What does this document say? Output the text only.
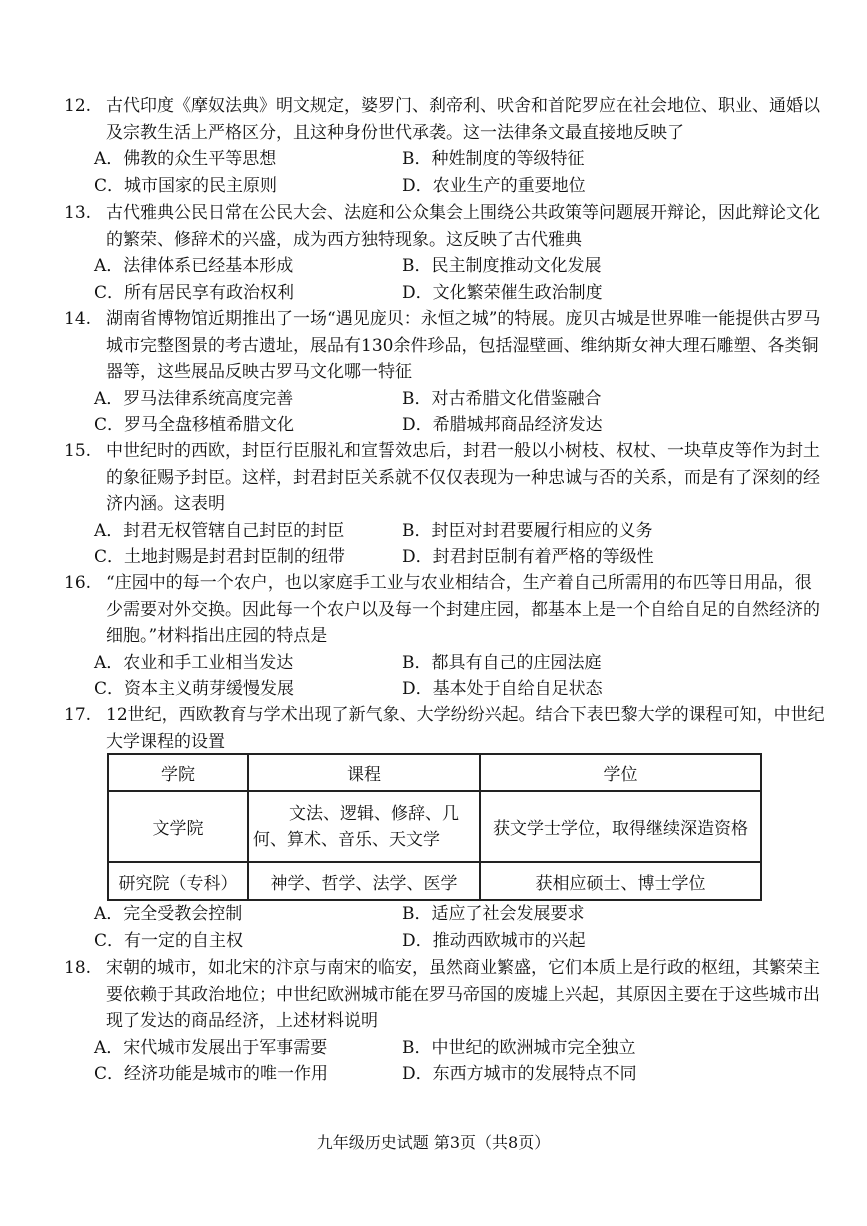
12. 古代印度《摩奴法典》明文规定，婆罗门、刹帝利、吠舍和首陀罗应在社会地位、职业、通婚以及宗教生活上严格区分，且这种身份世代承袭。这一法律条文最直接地反映了
A．佛教的众生平等思想	B．种姓制度的等级特征
C．城市国家的民主原则	D．农业生产的重要地位
13. 古代雅典公民日常在公民大会、法庭和公众集会上围绕公共政策等问题展开辩论，因此辩论文化的繁荣、修辞术的兴盛，成为西方独特现象。这反映了古代雅典
A．法律体系已经基本形成	B．民主制度推动文化发展
C．所有居民享有政治权利	D．文化繁荣催生政治制度
14. 湖南省博物馆近期推出了一场“遇见庞贝：永恒之城”的特展。庞贝古城是世界唯一能提供古罗马城市完整图景的考古遗址，展品有130余件珍品，包括湿壁画、维纳斯女神大理石雕塑、各类铜器等，这些展品反映古罗马文化哪一特征
A．罗马法律系统高度完善	B．对古希腊文化借鉴融合
C．罗马全盘移植希腊文化	D．希腊城邦商品经济发达
15. 中世纪时的西欧，封臣行臣服礼和宣誓效忠后，封君一般以小树枝、权杖、一块草皮等作为封土的象征赐予封臣。这样，封君封臣关系就不仅仅表现为一种忠诚与否的关系，而是有了深刻的经济内涵。这表明
A．封君无权管辖自己封臣的封臣	B．封臣对封君要履行相应的义务
C．土地封赐是封君封臣制的纽带	D．封君封臣制有着严格的等级性
16. “庄园中的每一个农户，也以家庭手工业与农业相结合，生产着自己所需用的布匹等日用品，很少需要对外交换。因此每一个农户以及每一个封建庄园，都基本上是一个自给自足的自然经济的细胞。”材料指出庄园的特点是
A．农业和手工业相当发达	B．都具有自己的庄园法庭
C．资本主义萌芽缓慢发展	D．基本处于自给自足状态
17. 12世纪，西欧教育与学术出现了新气象、大学纷纷兴起。结合下表巴黎大学的课程可知，中世纪大学课程的设置
学院	课程	学位
文学院	文法、逻辑、修辞、几何、算术、音乐、天文学	获文学士学位，取得继续深造资格
研究院（专科）	神学、哲学、法学、医学	获相应硕士、博士学位
A．完全受教会控制	B．适应了社会发展要求
C．有一定的自主权	D．推动西欧城市的兴起
18. 宋朝的城市，如北宋的汴京与南宋的临安，虽然商业繁盛，它们本质上是行政的枢纽，其繁荣主要依赖于其政治地位；中世纪欧洲城市能在罗马帝国的废墟上兴起，其原因主要在于这些城市出现了发达的商品经济，上述材料说明
A．宋代城市发展出于军事需要	B．中世纪的欧洲城市完全独立
C．经济功能是城市的唯一作用	D．东西方城市的发展特点不同
九年级历史试题 第3页（共8页）
